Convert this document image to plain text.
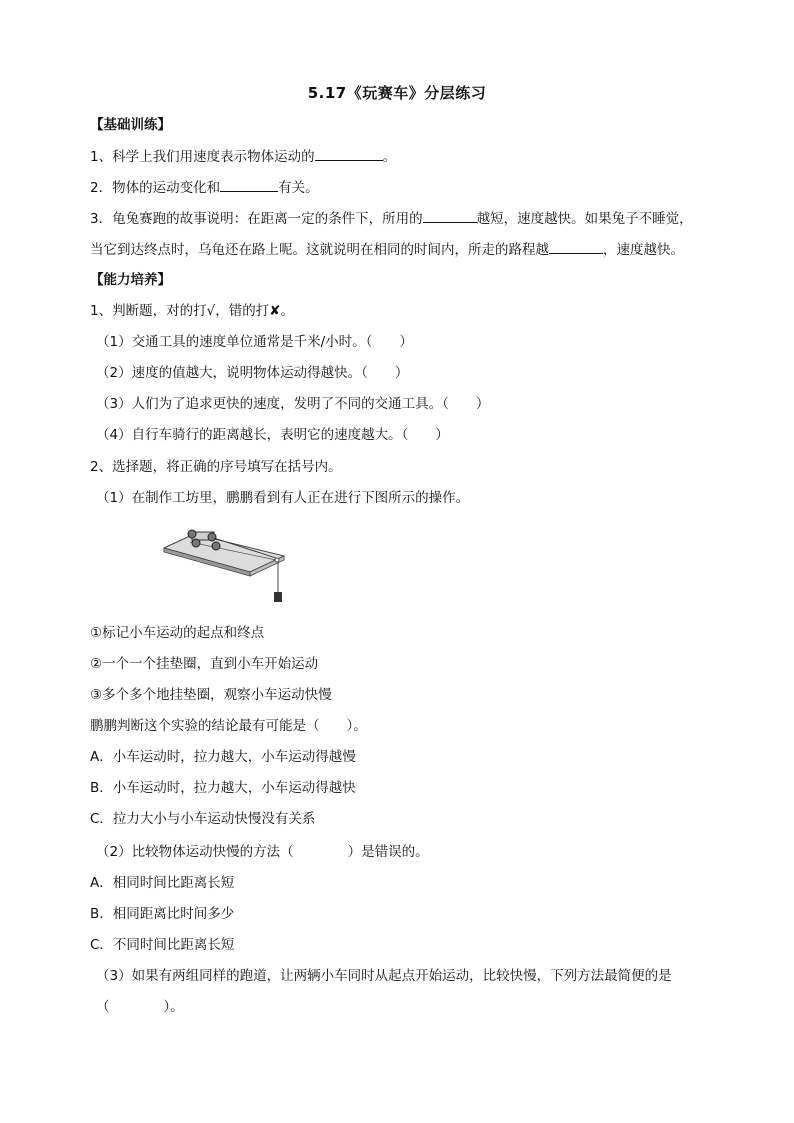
5.17《玩赛车》分层练习
【基础训练】
1、科学上我们用速度表示物体运动的	。
2．物体的运动变化和	有关。
3．龟兔赛跑的故事说明：在距离一定的条件下，所用的	越短，速度越快。如果兔子不睡觉，
当它到达终点时，乌龟还在路上呢。这就说明在相同的时间内，所走的路程越	，速度越快。
【能力培养】
1、判断题，对的打√，错的打✘。
（1）交通工具的速度单位通常是千米/小时。（　　）
（2）速度的值越大，说明物体运动得越快。（　　）
（3）人们为了追求更快的速度，发明了不同的交通工具。（　　）
（4）自行车骑行的距离越长，表明它的速度越大。（　　）
2、选择题，将正确的序号填写在括号内。
（1）在制作工坊里，鹏鹏看到有人正在进行下图所示的操作。
①标记小车运动的起点和终点
②一个一个挂垫圈，直到小车开始运动
③多个多个地挂垫圈，观察小车运动快慢
鹏鹏判断这个实验的结论最有可能是（　　）。
A．小车运动时，拉力越大，小车运动得越慢
B．小车运动时，拉力越大，小车运动得越快
C．拉力大小与小车运动快慢没有关系
（2）比较物体运动快慢的方法（　　　　）是错误的。
A．相同时间比距离长短
B．相同距离比时间多少
C．不同时间比距离长短
（3）如果有两组同样的跑道，让两辆小车同时从起点开始运动，比较快慢，下列方法最简便的是
（　　　　）。
